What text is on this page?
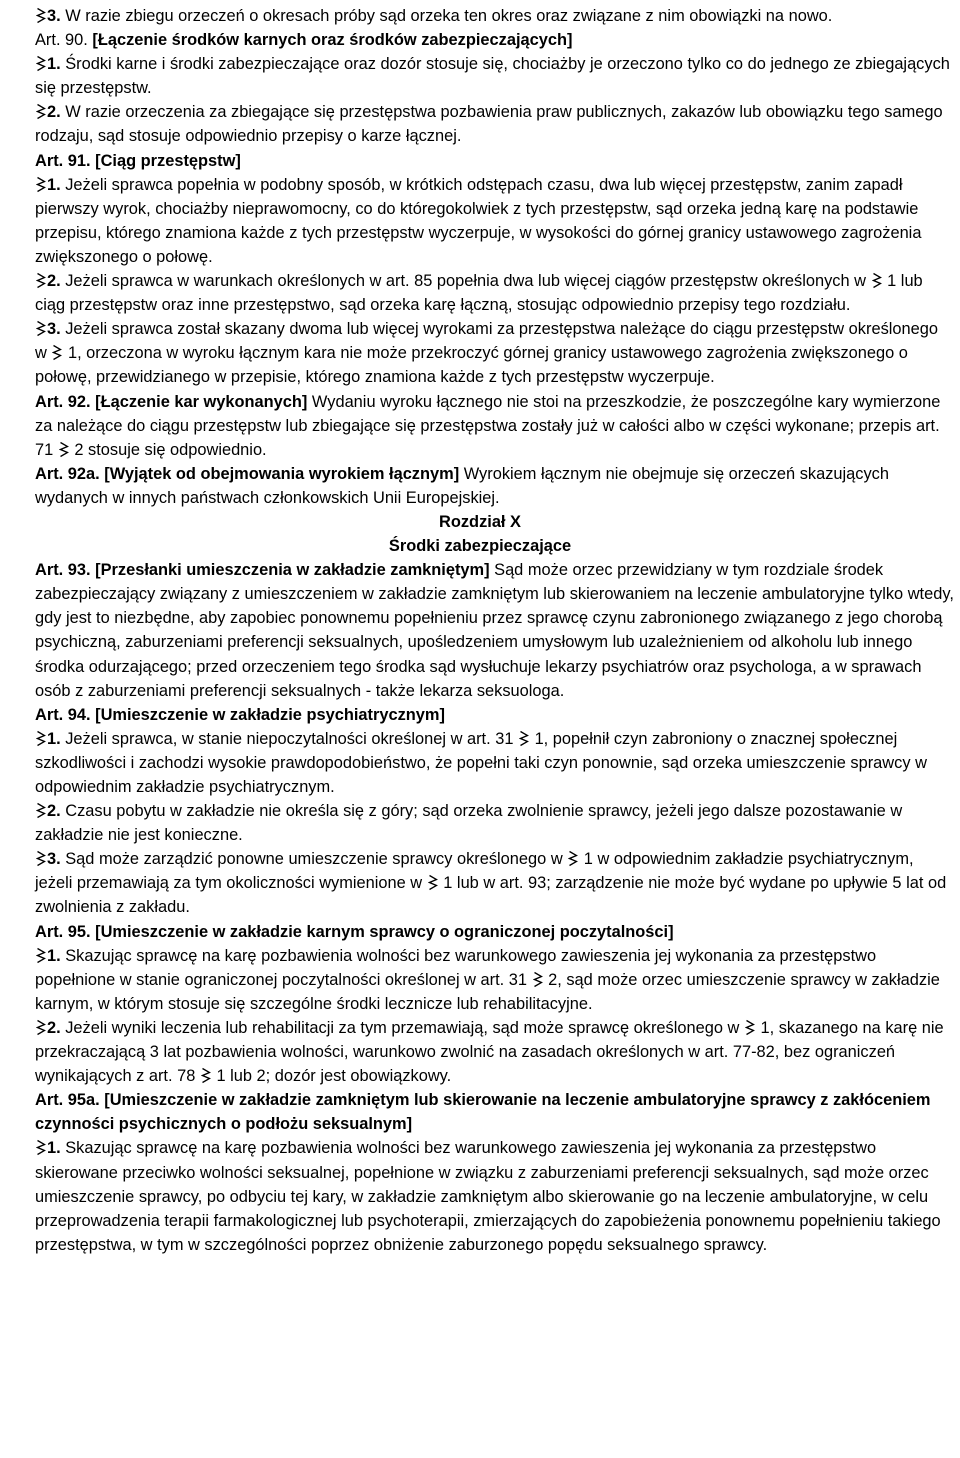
3. W razie zbiegu orzeczeń o okresach próby sąd orzeka ten okres oraz związane z nim obowiązki na nowo.

Art. 90. [Łączenie środków karnych oraz środków zabezpieczających]

1. Środki karne i środki zabezpieczające oraz dozór stosuje się, chociażby je orzeczono tylko co do jednego ze zbiegających się przestępstw.

2. W razie orzeczenia za zbiegające się przestępstwa pozbawienia praw publicznych, zakazów lub obowiązku tego samego rodzaju, sąd stosuje odpowiednio przepisy o karze łącznej.

Art. 91. [Ciąg przestępstw]

1. Jeżeli sprawca popełnia w podobny sposób, w krótkich odstępach czasu, dwa lub więcej przestępstw, zanim zapadł pierwszy wyrok, chociażby nieprawomocny, co do któregokolwiek z tych przestępstw, sąd orzeka jedną karę na podstawie przepisu, którego znamiona każde z tych przestępstw wyczerpuje, w wysokości do górnej granicy ustawowego zagrożenia zwiększonego o połowę.

2. Jeżeli sprawca w warunkach określonych w art. 85 popełnia dwa lub więcej ciągów przestępstw określonych w
1 lub ciąg przestępstw oraz inne przestępstwo, sąd orzeka karę łączną, stosując odpowiednio przepisy tego rozdziału.

3. Jeżeli sprawca został skazany dwoma lub więcej wyrokami za przestępstwa należące do ciągu przestępstw określonego w
1, orzeczona w wyroku łącznym kara nie może przekroczyć górnej granicy ustawowego zagrożenia zwiększonego o połowę, przewidzianego w przepisie, którego znamiona każde z tych przestępstw wyczerpuje.

Art. 92. [Łączenie kar wykonanych] Wydaniu wyroku łącznego nie stoi na przeszkodzie, że poszczególne kary wymierzone za należące do ciągu przestępstw lub zbiegające się przestępstwa zostały już w całości albo w części wykonane; przepis art. 71
2 stosuje się odpowiednio.

Art. 92a. [Wyjątek od obejmowania wyrokiem łącznym] Wyrokiem łącznym nie obejmuje się orzeczeń skazujących wydanych w innych państwach członkowskich Unii Europejskiej.

Rozdział X

Środki zabezpieczające

Art. 93. [Przesłanki umieszczenia w zakładzie zamkniętym] Sąd może orzec przewidziany w tym rozdziale środek zabezpieczający związany z umieszczeniem w zakładzie zamkniętym lub skierowaniem na leczenie ambulatoryjne tylko wtedy, gdy jest to niezbędne, aby zapobiec ponownemu popełnieniu przez sprawcę czynu zabronionego związanego z jego chorobą psychiczną, zaburzeniami preferencji seksualnych, upośledzeniem umysłowym lub uzależnieniem od alkoholu lub innego środka odurzającego; przed orzeczeniem tego środka sąd wysłuchuje lekarzy psychiatrów oraz psychologa, a w sprawach osób z zaburzeniami preferencji seksualnych - także lekarza seksuologa.

Art. 94. [Umieszczenie w zakładzie psychiatrycznym]

1. Jeżeli sprawca, w stanie niepoczytalności określonej w art. 31
1, popełnił czyn zabroniony o znacznej społecznej szkodliwości i zachodzi wysokie prawdopodobieństwo, że popełni taki czyn ponownie, sąd orzeka umieszczenie sprawcy w odpowiednim zakładzie psychiatrycznym.

2. Czasu pobytu w zakładzie nie określa się z góry; sąd orzeka zwolnienie sprawcy, jeżeli jego dalsze pozostawanie w zakładzie nie jest konieczne.

3. Sąd może zarządzić ponowne umieszczenie sprawcy określonego w
1 w odpowiednim zakładzie psychiatrycznym, jeżeli przemawiają za tym okoliczności wymienione w
1 lub w art. 93; zarządzenie nie może być wydane po upływie 5 lat od zwolnienia z zakładu.

Art. 95. [Umieszczenie w zakładzie karnym sprawcy o ograniczonej poczytalności]

1. Skazując sprawcę na karę pozbawienia wolności bez warunkowego zawieszenia jej wykonania za przestępstwo popełnione w stanie ograniczonej poczytalności określonej w art. 31
2, sąd może orzec umieszczenie sprawcy w zakładzie karnym, w którym stosuje się szczególne środki lecznicze lub rehabilitacyjne.

2. Jeżeli wyniki leczenia lub rehabilitacji za tym przemawiają, sąd może sprawcę określonego w
1, skazanego na karę nie przekraczającą 3 lat pozbawienia wolności, warunkowo zwolnić na zasadach określonych w art. 77-82, bez ograniczeń wynikających z art. 78
1 lub 2; dozór jest obowiązkowy.

Art. 95a. [Umieszczenie w zakładzie zamkniętym lub skierowanie na leczenie ambulatoryjne sprawcy z zakłóceniem czynności psychicznych o podłożu seksualnym]

1. Skazując sprawcę na karę pozbawienia wolności bez warunkowego zawieszenia jej wykonania za przestępstwo skierowane przeciwko wolności seksualnej, popełnione w związku z zaburzeniami preferencji seksualnych, sąd może orzec umieszczenie sprawcy, po odbyciu tej kary, w zakładzie zamkniętym albo skierowanie go na leczenie ambulatoryjne, w celu przeprowadzenia terapii farmakologicznej lub psychoterapii, zmierzających do zapobieżenia ponownemu popełnieniu takiego przestępstwa, w tym w szczególności poprzez obniżenie zaburzonego popędu seksualnego sprawcy.
